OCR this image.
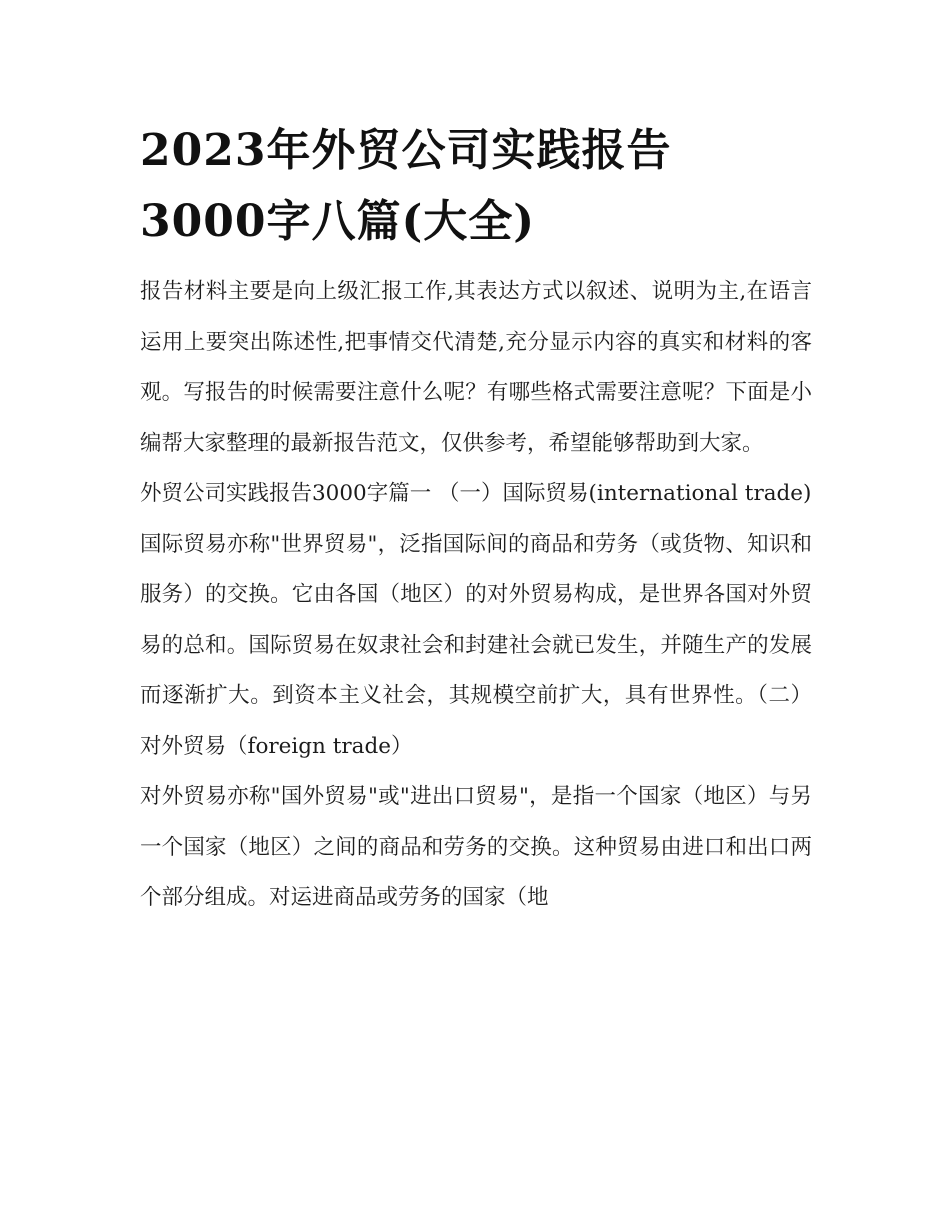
2023年外贸公司实践报告
3000字八篇(大全)

报告材料主要是向上级汇报工作,其表达方式以叙述、说明为主,在语言运用上要突出陈述性,把事情交代清楚,充分显示内容的真实和材料的客观。写报告的时候需要注意什么呢？有哪些格式需要注意呢？下面是小编帮大家整理的最新报告范文，仅供参考，希望能够帮助到大家。

外贸公司实践报告3000字篇一 （一）国际贸易(international trade)

国际贸易亦称"世界贸易"，泛指国际间的商品和劳务（或货物、知识和服务）的交换。它由各国（地区）的对外贸易构成，是世界各国对外贸易的总和。国际贸易在奴隶社会和封建社会就已发生，并随生产的发展而逐渐扩大。到资本主义社会，其规模空前扩大，具有世界性。（二）对外贸易（foreign trade）

对外贸易亦称"国外贸易"或"进出口贸易"，是指一个国家（地区）与另一个国家（地区）之间的商品和劳务的交换。这种贸易由进口和出口两个部分组成。对运进商品或劳务的国家（地
